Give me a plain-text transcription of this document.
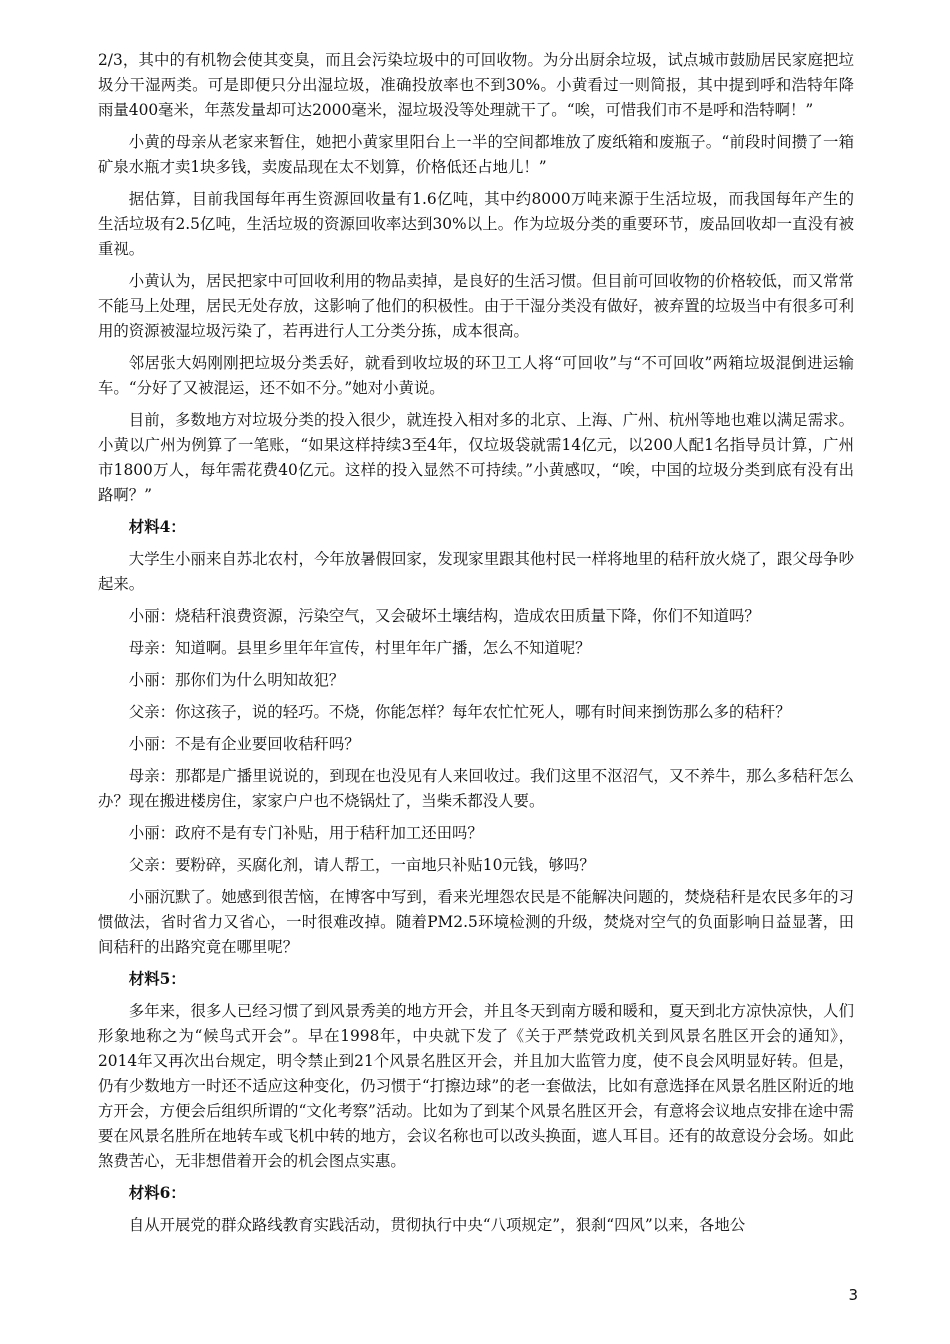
2/3，其中的有机物会使其变臭，而且会污染垃圾中的可回收物。为分出厨余垃圾，试点城市鼓励居民家庭把垃圾分干湿两类。可是即便只分出湿垃圾，准确投放率也不到30%。小黄看过一则简报，其中提到呼和浩特年降雨量400毫米，年蒸发量却可达2000毫米，湿垃圾没等处理就干了。“唉，可惜我们市不是呼和浩特啊！”

小黄的母亲从老家来暂住，她把小黄家里阳台上一半的空间都堆放了废纸箱和废瓶子。“前段时间攒了一箱矿泉水瓶才卖1块多钱，卖废品现在太不划算，价格低还占地儿！”

据估算，目前我国每年再生资源回收量有1.6亿吨，其中约8000万吨来源于生活垃圾，而我国每年产生的生活垃圾有2.5亿吨，生活垃圾的资源回收率达到30%以上。作为垃圾分类的重要环节，废品回收却一直没有被重视。

小黄认为，居民把家中可回收利用的物品卖掉，是良好的生活习惯。但目前可回收物的价格较低，而又常常不能马上处理，居民无处存放，这影响了他们的积极性。由于干湿分类没有做好，被弃置的垃圾当中有很多可利用的资源被湿垃圾污染了，若再进行人工分类分拣，成本很高。

邻居张大妈刚刚把垃圾分类丢好，就看到收垃圾的环卫工人将“可回收”与“不可回收”两箱垃圾混倒进运输车。“分好了又被混运，还不如不分。”她对小黄说。

目前，多数地方对垃圾分类的投入很少，就连投入相对多的北京、上海、广州、杭州等地也难以满足需求。小黄以广州为例算了一笔账，“如果这样持续3至4年，仅垃圾袋就需14亿元，以200人配1名指导员计算，广州市1800万人，每年需花费40亿元。这样的投入显然不可持续。”小黄感叹，“唉，中国的垃圾分类到底有没有出路啊？”

材料4：

大学生小丽来自苏北农村，今年放暑假回家，发现家里跟其他村民一样将地里的秸秆放火烧了，跟父母争吵起来。

小丽：烧秸秆浪费资源，污染空气，又会破坏土壤结构，造成农田质量下降，你们不知道吗？

母亲：知道啊。县里乡里年年宣传，村里年年广播，怎么不知道呢？

小丽：那你们为什么明知故犯？

父亲：你这孩子，说的轻巧。不烧，你能怎样？每年农忙忙死人，哪有时间来捯饬那么多的秸秆？

小丽：不是有企业要回收秸秆吗？

母亲：那都是广播里说说的，到现在也没见有人来回收过。我们这里不沤沼气，又不养牛，那么多秸秆怎么办？现在搬进楼房住，家家户户也不烧锅灶了，当柴禾都没人要。

小丽：政府不是有专门补贴，用于秸秆加工还田吗？

父亲：要粉碎，买腐化剂，请人帮工，一亩地只补贴10元钱，够吗？

小丽沉默了。她感到很苦恼，在博客中写到，看来光埋怨农民是不能解决问题的，焚烧秸秆是农民多年的习惯做法，省时省力又省心，一时很难改掉。随着PM2.5环境检测的升级，焚烧对空气的负面影响日益显著，田间秸秆的出路究竟在哪里呢？

材料5：

多年来，很多人已经习惯了到风景秀美的地方开会，并且冬天到南方暖和暖和，夏天到北方凉快凉快，人们形象地称之为“候鸟式开会”。早在1998年，中央就下发了《关于严禁党政机关到风景名胜区开会的通知》，2014年又再次出台规定，明令禁止到21个风景名胜区开会，并且加大监管力度，使不良会风明显好转。但是，仍有少数地方一时还不适应这种变化，仍习惯于“打擦边球”的老一套做法，比如有意选择在风景名胜区附近的地方开会，方便会后组织所谓的“文化考察”活动。比如为了到某个风景名胜区开会，有意将会议地点安排在途中需要在风景名胜所在地转车或飞机中转的地方，会议名称也可以改头换面，遮人耳目。还有的故意设分会场。如此煞费苦心，无非想借着开会的机会图点实惠。

材料6：

自从开展党的群众路线教育实践活动，贯彻执行中央“八项规定”，狠刹“四风”以来，各地公

3
